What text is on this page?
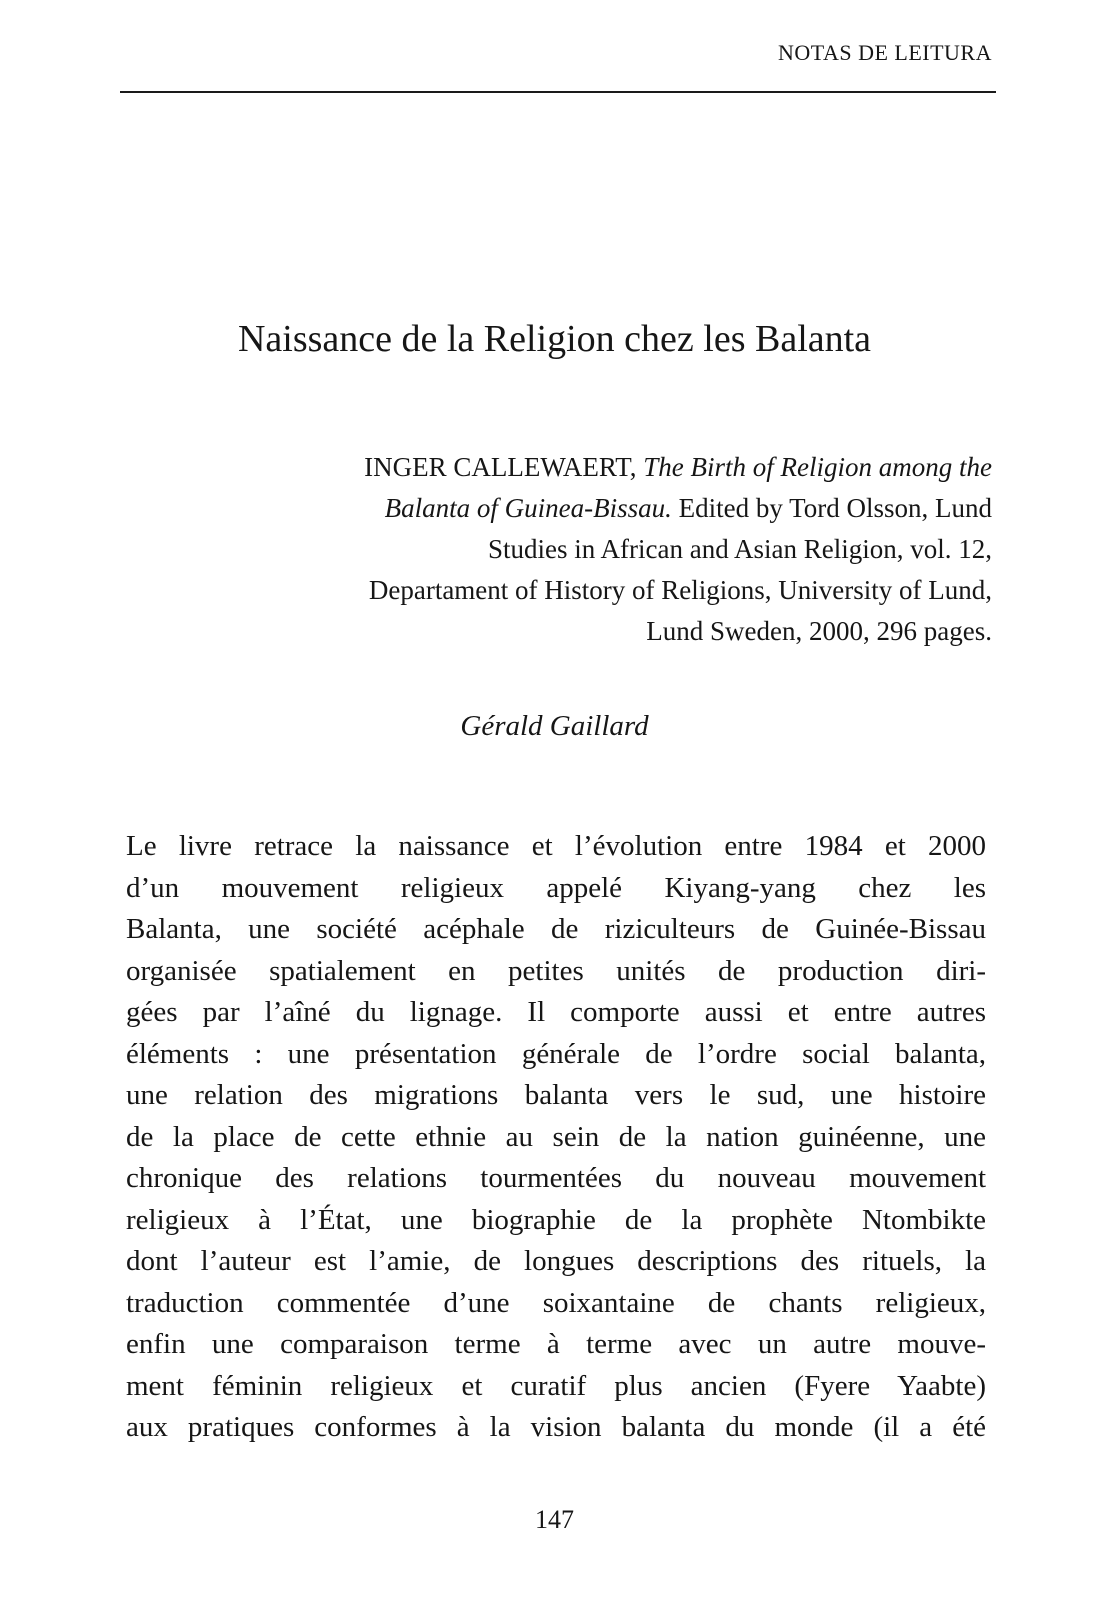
NOTAS DE LEITURA
Naissance de la Religion chez les Balanta
INGER CALLEWAERT, The Birth of Religion among the
Balanta of Guinea-Bissau. Edited by Tord Olsson, Lund
Studies in African and Asian Religion, vol. 12,
Departament of History of Religions, University of Lund,
Lund Sweden, 2000, 296 pages.
Gérald Gaillard
Le livre retrace la naissance et l’évolution entre 1984 et 2000
d’un mouvement religieux appelé Kiyang-yang chez les
Balanta, une société acéphale de riziculteurs de Guinée-Bissau
organisée spatialement en petites unités de production diri-
gées par l’aîné du lignage. Il comporte aussi et entre autres
éléments : une présentation générale de l’ordre social balanta,
une relation des migrations balanta vers le sud, une histoire
de la place de cette ethnie au sein de la nation guinéenne, une
chronique des relations tourmentées du nouveau mouvement
religieux à l’État, une biographie de la prophète Ntombikte
dont l’auteur est l’amie, de longues descriptions des rituels, la
traduction commentée d’une soixantaine de chants religieux,
enfin une comparaison terme à terme avec un autre mouve-
ment féminin religieux et curatif plus ancien (Fyere Yaabte)
aux pratiques conformes à la vision balanta du monde (il a été
147
